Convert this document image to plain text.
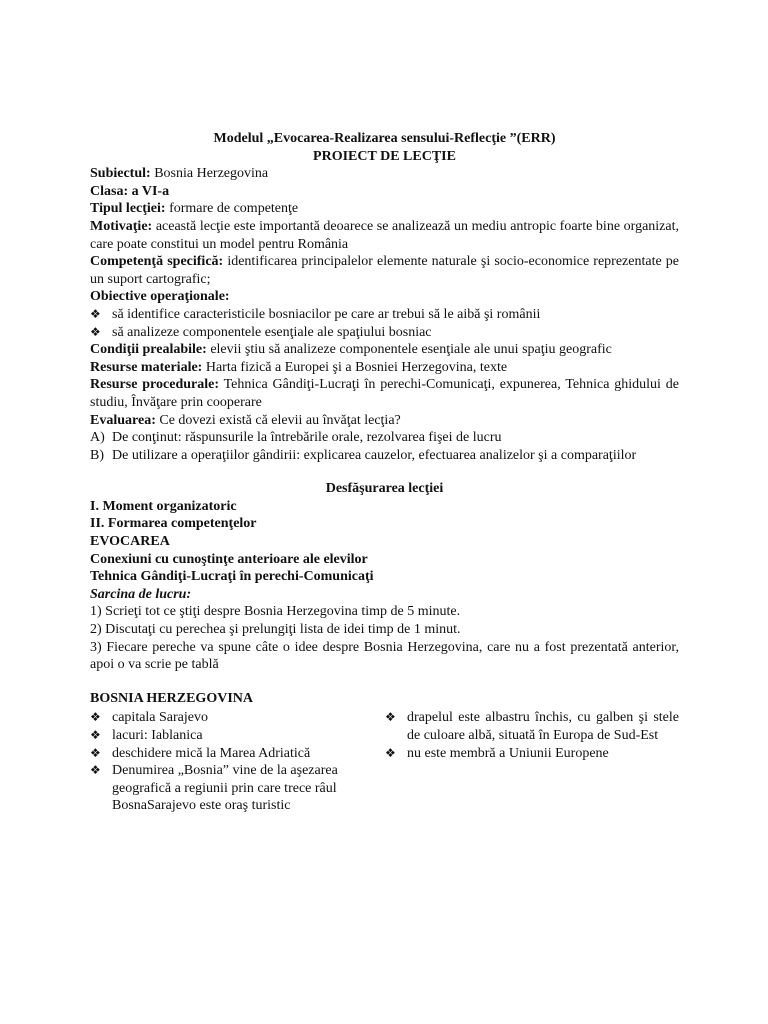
Modelul „Evocarea-Realizarea sensului-Reflecţie ”(ERR)

PROIECT DE LECŢIE

Subiectul: Bosnia Herzegovina

Clasa: a VI-a

Tipul lecţiei: formare de competenţe

Motivaţie: această lecţie este importantă deoarece se analizează un mediu antropic foarte bine organizat, care poate constitui un model pentru România

Competenţă specifică: identificarea principalelor elemente naturale şi socio-economice reprezentate pe un suport cartografic;

Obiective operaţionale:

❖ să identifice caracteristicile bosniacilor pe care ar trebui să le aibă şi românii
❖ să analizeze componentele esenţiale ale spaţiului bosniac

Condiţii prealabile: elevii ştiu să analizeze componentele esenţiale ale unui spaţiu geografic

Resurse materiale: Harta fizică a Europei şi a Bosniei Herzegovina, texte

Resurse procedurale: Tehnica Gândiţi-Lucraţi în perechi-Comunicaţi, expunerea, Tehnica ghidului de studiu, Învăţare prin cooperare

Evaluarea: Ce dovezi există că elevii au învăţat lecţia?

A) De conţinut: răspunsurile la întrebările orale, rezolvarea fişei de lucru
B) De utilizare a operaţiilor gândirii: explicarea cauzelor, efectuarea analizelor şi a comparaţiilor

Desfăşurarea lecţiei

I. Moment organizatoric

II. Formarea competenţelor

EVOCAREA

Conexiuni cu cunoştinţe anterioare ale elevilor

Tehnica Gândiţi-Lucraţi în perechi-Comunicaţi

Sarcina de lucru:

1) Scrieţi tot ce ştiţi despre Bosnia Herzegovina timp de 5 minute.

2) Discutaţi cu perechea şi prelungiţi lista de idei timp de 1 minut.

3) Fiecare pereche va spune câte o idee despre Bosnia Herzegovina, care nu a fost prezentată anterior, apoi o va scrie pe tablă

BOSNIA HERZEGOVINA

❖ capitala Sarajevo
❖ lacuri: Iablanica
❖ deschidere mică la Marea Adriatică
❖ Denumirea „Bosnia” vine de la aşezarea geografică a regiunii prin care trece râul BosnaSarajevo este oraş turistic
❖ drapelul este albastru închis, cu galben şi stele de culoare albă, situată în Europa de Sud-Est
❖ nu este membră a Uniunii Europene
